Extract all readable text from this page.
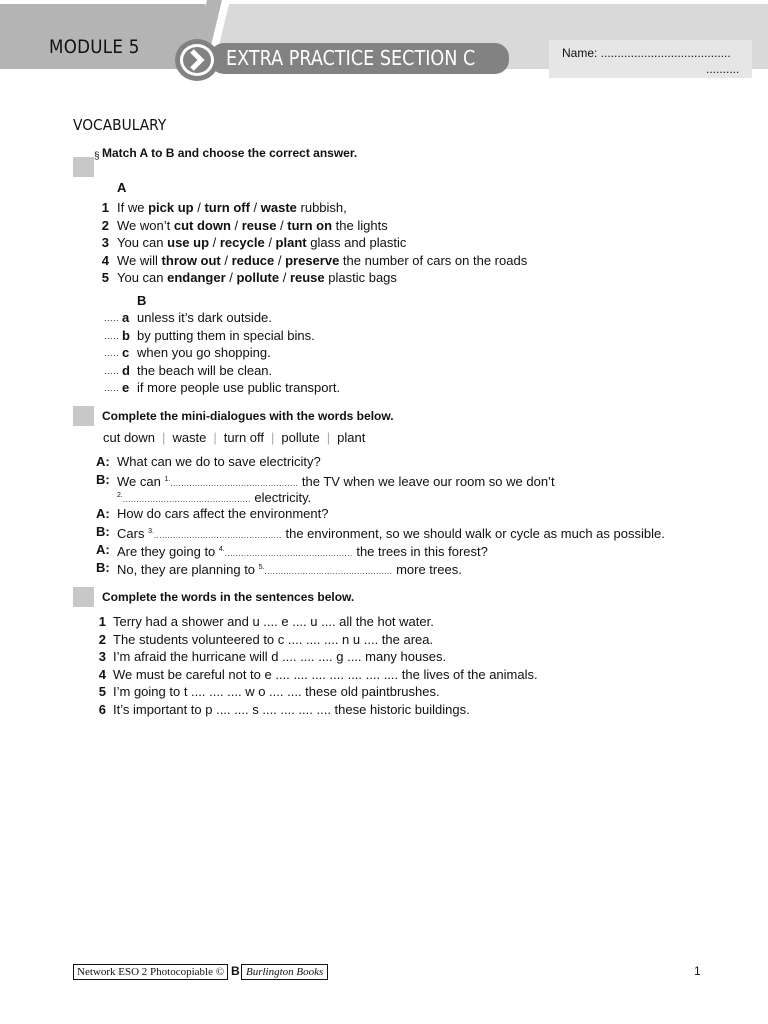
MODULE 5	EXTRA PRACTICE SECTION C	Name: .......................................
..........
VOCABULARY
§ Match A to B and choose the correct answer.
A
1 If we pick up / turn off / waste rubbish,
2 We won’t cut down / reuse / turn on the lights
3 You can use up / recycle / plant glass and plastic
4 We will throw out / reduce / preserve the number of cars on the roads
5 You can endanger / pollute / reuse plastic bags
B
..... a unless it’s dark outside.
..... b by putting them in special bins.
..... c when you go shopping.
..... d the beach will be clean.
..... e if more people use public transport.
Complete the mini-dialogues with the words below.
cut down | waste | turn off | pollute | plant
A: What can we do to save electricity?
B: We can $^{1.}$............................................... the TV when we leave our room so we don’t
$^{2.}$............................................... electricity.
A: How do cars affect the environment?
B: Cars $^{3.}$............................................... the environment, so we should walk or cycle as much as possible.
A: Are they going to $^{4.}$............................................... the trees in this forest?
B: No, they are planning to $^{5.}$............................................... more trees.
Complete the words in the sentences below.
1 Terry had a shower and u .... e .... u .... all the hot water.
2 The students volunteered to c .... .... .... n u .... the area.
3 I’m afraid the hurricane will d .... .... .... g .... many houses.
4 We must be careful not to e .... .... .... .... .... .... .... the lives of the animals.
5 I’m going to t .... .... .... w o .... .... these old paintbrushes.
6 It’s important to p .... .... s .... .... .... .... these historic buildings.
Network ESO 2 Photocopiable © B Burlington Books	1
